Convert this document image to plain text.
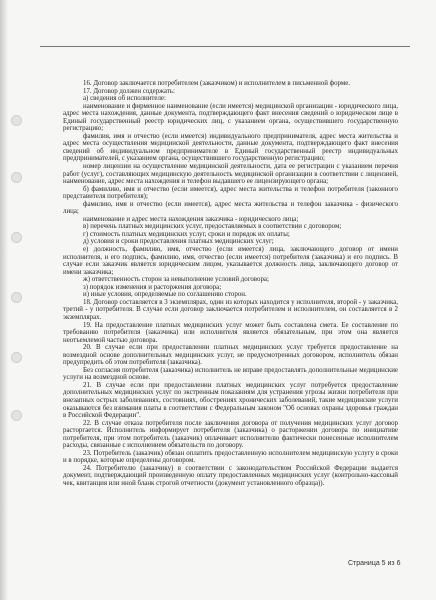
16. Договор заключается потребителем (заказчиком) и исполнителем в письменной форме.

17. Договор должен содержать:

а) сведения об исполнителе:

наименование и фирменное наименование (если имеется) медицинской организации - юридического лица, адрес места нахождения, данные документа, подтверждающего факт внесения сведений о юридическом лице в Единый государственный реестр юридических лиц, с указанием органа, осуществившего государственную регистрацию;

фамилия, имя и отчество (если имеется) индивидуального предпринимателя, адрес места жительства и адрес места осуществления медицинской деятельности, данные документа, подтверждающего факт внесения сведений об индивидуальном предпринимателе в Единый государственный реестр индивидуальных предпринимателей, с указанием органа, осуществившего государственную регистрацию;

номер лицензии на осуществление медицинской деятельности, дата ее регистрации с указанием перечня работ (услуг), составляющих медицинскую деятельность медицинской организации в соответствии с лицензией, наименование, адрес места нахождения и телефон выдавшего ее лицензирующего органа;

б) фамилию, имя и отчество (если имеется), адрес места жительства и телефон потребителя (законного представителя потребителя);

фамилию, имя и отчество (если имеется), адрес места жительства и телефон заказчика - физического лица;

наименование и адрес места нахождения заказчика - юридического лица;

в) перечень платных медицинских услуг, предоставляемых в соответствии с договором;

г) стоимость платных медицинских услуг, сроки и порядок их оплаты;

д) условия и сроки предоставления платных медицинских услуг;

е) должность, фамилию, имя, отчество (если имеется) лица, заключающего договор от имени исполнителя, и его подпись, фамилию, имя, отчество (если имеется) потребителя (заказчика) и его подпись. В случае если заказчик является юридическим лицом, указывается должность лица, заключающего договор от имени заказчика;

ж) ответственность сторон за невыполнение условий договора;

з) порядок изменения и расторжения договора;

и) иные условия, определяемые по соглашению сторон.

18. Договор составляется в 3 экземплярах, один из которых находится у исполнителя, второй - у заказчика, третий - у потребителя. В случае если договор заключается потребителем и исполнителем, он составляется в 2 экземплярах.

19. На предоставление платных медицинских услуг может быть составлена смета. Ее составление по требованию потребителя (заказчика) или исполнителя является обязательным, при этом она является неотъемлемой частью договора.

20. В случае если при предоставлении платных медицинских услуг требуется предоставление на возмездной основе дополнительных медицинских услуг, не предусмотренных договором, исполнитель обязан предупредить об этом потребителя (заказчика).

Без согласия потребителя (заказчика) исполнитель не вправе предоставлять дополнительные медицинские услуги на возмездной основе.

21. В случае если при предоставлении платных медицинских услуг потребуется предоставление дополнительных медицинских услуг по экстренным показаниям для устранения угрозы жизни потребителя при внезапных острых заболеваниях, состояниях, обострениях хронических заболеваний, такие медицинские услуги оказываются без взимания платы в соответствии с Федеральным законом "Об основах охраны здоровья граждан в Российской Федерации".

22. В случае отказа потребителя после заключения договора от получения медицинских услуг договор расторгается. Исполнитель информирует потребителя (заказчика) о расторжении договора по инициативе потребителя, при этом потребитель (заказчик) оплачивает исполнителю фактически понесенные исполнителем расходы, связанные с исполнением обязательств по договору.

23. Потребитель (заказчик) обязан оплатить предоставленную исполнителем медицинскую услугу в сроки и в порядке, которые определены договором.

24. Потребителю (заказчику) в соответствии с законодательством Российской Федерации выдается документ, подтверждающий произведенную оплату предоставленных медицинских услуг (контрольно-кассовый чек, квитанция или иной бланк строгой отчетности (документ установленного образца)).

Страница 5 из 6
